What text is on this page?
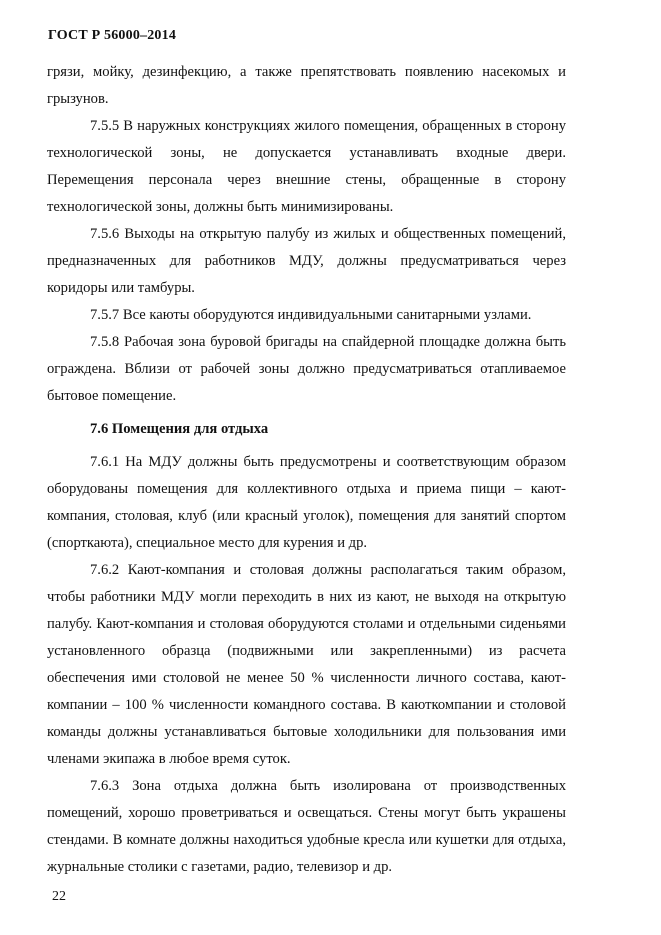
ГОСТ Р 56000–2014

грязи, мойку, дезинфекцию, а также препятствовать появлению насекомых и грызунов.

7.5.5 В наружных конструкциях жилого помещения, обращенных в сторону технологической зоны, не допускается устанавливать входные двери. Перемещения персонала через внешние стены, обращенные в сторону технологической зоны, должны быть минимизированы.

7.5.6 Выходы на открытую палубу из жилых и общественных помещений, предназначенных для работников МДУ, должны предусматриваться через коридоры или тамбуры.

7.5.7 Все каюты оборудуются индивидуальными санитарными узлами.

7.5.8 Рабочая зона буровой бригады на спайдерной площадке должна быть ограждена. Вблизи от рабочей зоны должно предусматриваться отапливаемое бытовое помещение.

7.6 Помещения для отдыха

7.6.1 На МДУ должны быть предусмотрены и соответствующим образом оборудованы помещения для коллективного отдыха и приема пищи – кают-компания, столовая, клуб (или красный уголок), помещения для занятий спортом (спорткаюта), специальное место для курения и др.

7.6.2 Кают-компания и столовая должны располагаться таким образом, чтобы работники МДУ могли переходить в них из кают, не выходя на открытую палубу. Кают-компания и столовая оборудуются столами и отдельными сиденьями установленного образца (подвижными или закрепленными) из расчета обеспечения ими столовой не менее 50 % численности личного состава, кают-компании – 100 % численности командного состава. В каюткомпании и столовой команды должны устанавливаться бытовые холодильники для пользования ими членами экипажа в любое время суток.

7.6.3 Зона отдыха должна быть изолирована от производственных помещений, хорошо проветриваться и освещаться. Стены могут быть украшены стендами. В комнате должны находиться удобные кресла или кушетки для отдыха, журнальные столики с газетами, радио, телевизор и др.

22
